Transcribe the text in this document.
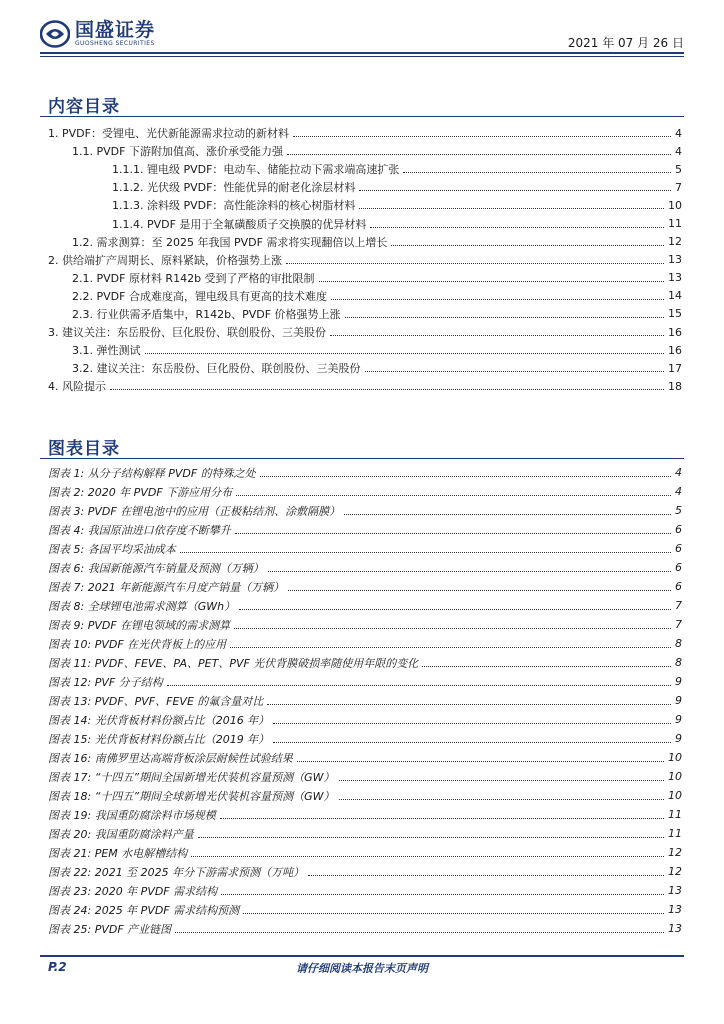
国盛证券
GUOSHENG SECURITIES	2021 年 07 月 26 日
内容目录
1. PVDF：受锂电、光伏新能源需求拉动的新材料	4
1.1. PVDF 下游附加值高、涨价承受能力强	4
1.1.1. 锂电级 PVDF：电动车、储能拉动下需求端高速扩张	5
1.1.2. 光伏级 PVDF：性能优异的耐老化涂层材料	7
1.1.3. 涂料级 PVDF：高性能涂料的核心树脂材料	10
1.1.4. PVDF 是用于全氟磺酸质子交换膜的优异材料	11
1.2. 需求测算：至 2025 年我国 PVDF 需求将实现翻倍以上增长	12
2. 供给端扩产周期长、原料紧缺，价格强势上涨	13
2.1. PVDF 原材料 R142b 受到了严格的审批限制	13
2.2. PVDF 合成难度高，锂电级具有更高的技术难度	14
2.3. 行业供需矛盾集中，R142b、PVDF 价格强势上涨	15
3. 建议关注：东岳股份、巨化股份、联创股份、三美股份	16
3.1. 弹性测试	16
3.2. 建议关注：东岳股份、巨化股份、联创股份、三美股份	17
4. 风险提示	18
图表目录
图表 1: 从分子结构解释 PVDF 的特殊之处	4
图表 2: 2020 年 PVDF 下游应用分布	4
图表 3: PVDF 在锂电池中的应用（正极粘结剂、涂敷隔膜）	5
图表 4: 我国原油进口依存度不断攀升	6
图表 5: 各国平均采油成本	6
图表 6: 我国新能源汽车销量及预测（万辆）	6
图表 7: 2021 年新能源汽车月度产销量（万辆）	6
图表 8: 全球锂电池需求测算（GWh）	7
图表 9: PVDF 在锂电领域的需求测算	7
图表 10: PVDF 在光伏背板上的应用	8
图表 11: PVDF、FEVE、PA、PET、PVF 光伏背膜破损率随使用年限的变化	8
图表 12: PVF 分子结构	9
图表 13: PVDF、PVF、FEVE 的氟含量对比	9
图表 14: 光伏背板材料份额占比（2016 年）	9
图表 15: 光伏背板材料份额占比（2019 年）	9
图表 16: 南佛罗里达高端背板涂层耐候性试验结果	10
图表 17: “十四五”期间全国新增光伏装机容量预测（GW）	10
图表 18: “十四五”期间全球新增光伏装机容量预测（GW）	10
图表 19: 我国重防腐涂料市场规模	11
图表 20: 我国重防腐涂料产量	11
图表 21: PEM 水电解槽结构	12
图表 22: 2021 至 2025 年分下游需求预测（万吨）	12
图表 23: 2020 年 PVDF 需求结构	13
图表 24: 2025 年 PVDF 需求结构预测	13
图表 25: PVDF 产业链图	13
P.2	请仔细阅读本报告末页声明
